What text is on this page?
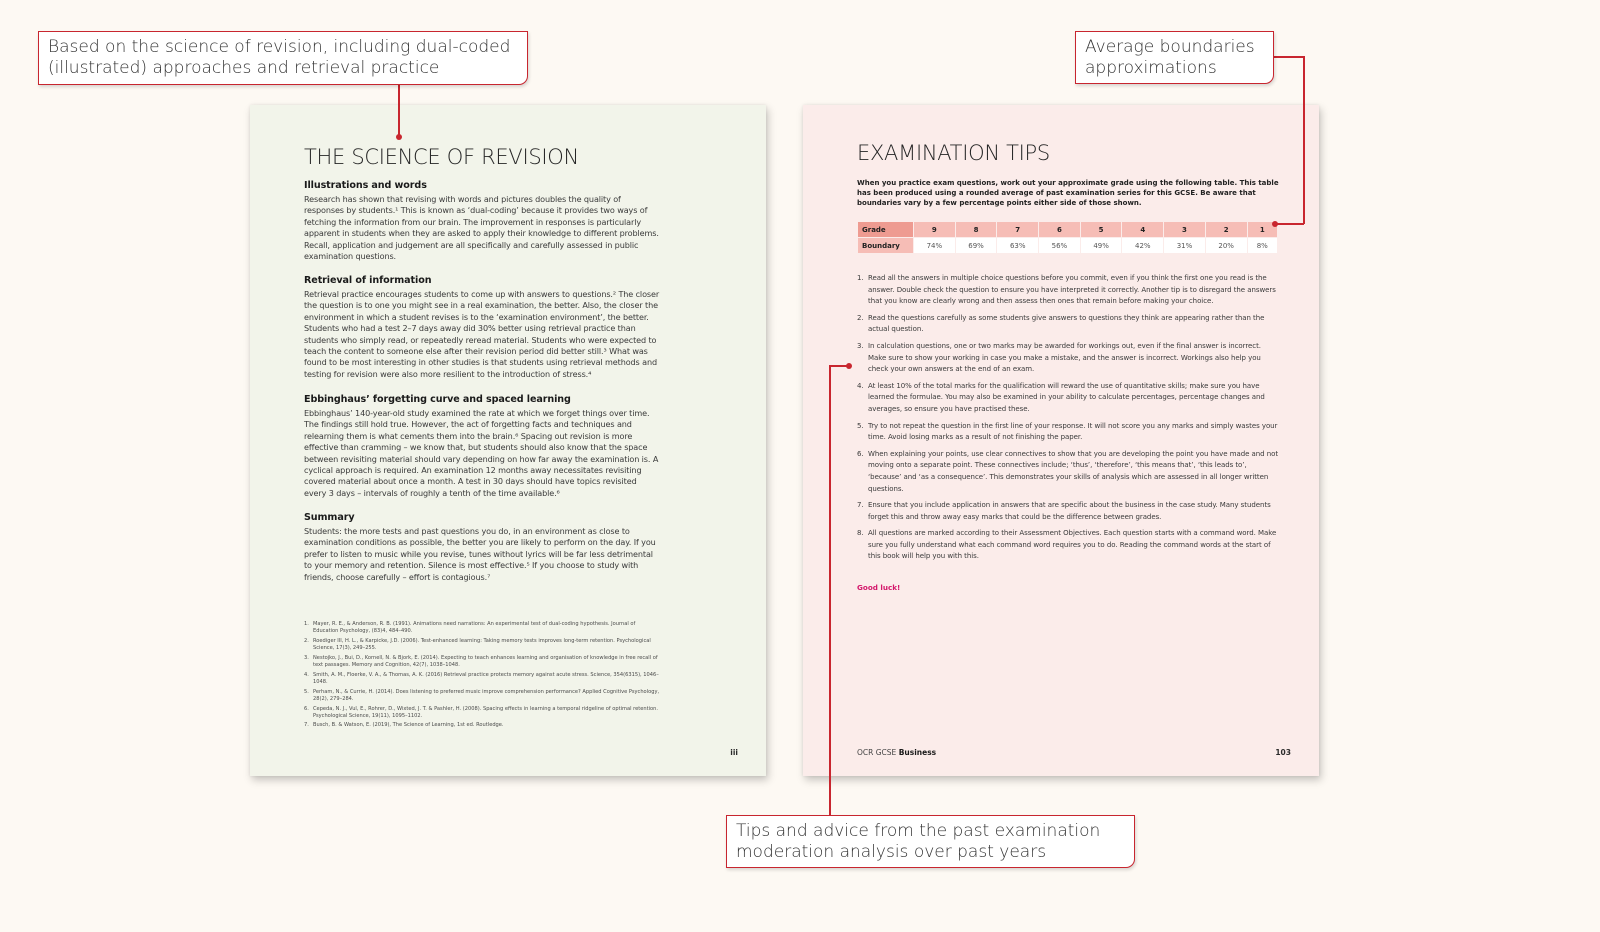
THE SCIENCE OF REVISION
Illustrations and words

Research has shown that revising with words and pictures doubles the quality of responses by students.¹ This is known as ‘dual-coding’ because it provides two ways of fetching the information from our brain. The improvement in responses is particularly apparent in students when they are asked to apply their knowledge to different problems. Recall, application and judgement are all specifically and carefully assessed in public examination questions.

Retrieval of information

Retrieval practice encourages students to come up with answers to questions.² The closer the question is to one you might see in a real examination, the better. Also, the closer the environment in which a student revises is to the ‘examination environment’, the better. Students who had a test 2–7 days away did 30% better using retrieval practice than students who simply read, or repeatedly reread material. Students who were expected to teach the content to someone else after their revision period did better still.³ What was found to be most interesting in other studies is that students using retrieval methods and testing for revision were also more resilient to the introduction of stress.⁴

Ebbinghaus’ forgetting curve and spaced learning

Ebbinghaus’ 140-year-old study examined the rate at which we forget things over time. The findings still hold true. However, the act of forgetting facts and techniques and relearning them is what cements them into the brain.⁶ Spacing out revision is more effective than cramming – we know that, but students should also know that the space between revisiting material should vary depending on how far away the examination is. A cyclical approach is required. An examination 12 months away necessitates revisiting covered material about once a month. A test in 30 days should have topics revisited every 3 days – intervals of roughly a tenth of the time available.⁶

Summary

Students: the more tests and past questions you do, in an environment as close to examination conditions as possible, the better you are likely to perform on the day. If you prefer to listen to music while you revise, tunes without lyrics will be far less detrimental to your memory and retention. Silence is most effective.⁵ If you choose to study with friends, choose carefully – effort is contagious.⁷

1. Mayer, R. E., & Anderson, R. B. (1991). Animations need narrations: An experimental test of dual-coding hypothesis. Journal of Education Psychology, (83)4, 484–490.
2. Roediger III, H. L., & Karpicke, J.D. (2006). Test-enhanced learning: Taking memory tests improves long-term retention. Psychological Science, 17(3), 249–255.
3. Nestojko, J., Bui, D., Kornell, N. & Bjork, E. (2014). Expecting to teach enhances learning and organisation of knowledge in free recall of text passages. Memory and Cognition, 42(7), 1038–1048.
4. Smith, A. M., Floerke, V. A., & Thomas, A. K. (2016) Retrieval practice protects memory against acute stress. Science, 354(6315), 1046–1048.
5. Perham, N., & Currie, H. (2014). Does listening to preferred music improve comprehension performance? Applied Cognitive Psychology, 28(2), 279–284.
6. Cepeda, N. J., Vul, E., Rohrer, D., Wixted, J. T. & Pashler, H. (2008). Spacing effects in learning a temporal ridgeline of optimal retention. Psychological Science, 19(11), 1095–1102.
7. Busch, B. & Watson, E. (2019), The Science of Learning, 1st ed. Routledge.
iii
EXAMINATION TIPS
When you practice exam questions, work out your approximate grade using the following table. This table has been produced using a rounded average of past examination series for this GCSE. Be aware that boundaries vary by a few percentage points either side of those shown.
Grade	9	8	7	6	5	4	3	2	1
Boundary	74%	69%	63%	56%	49%	42%	31%	20%	8%
1. Read all the answers in multiple choice questions before you commit, even if you think the first one you read is the answer. Double check the question to ensure you have interpreted it correctly. Another tip is to disregard the answers that you know are clearly wrong and then assess then ones that remain before making your choice.
2. Read the questions carefully as some students give answers to questions they think are appearing rather than the actual question.
3. In calculation questions, one or two marks may be awarded for workings out, even if the final answer is incorrect. Make sure to show your working in case you make a mistake, and the answer is incorrect. Workings also help you check your own answers at the end of an exam.
4. At least 10% of the total marks for the qualification will reward the use of quantitative skills; make sure you have learned the formulae. You may also be examined in your ability to calculate percentages, percentage changes and averages, so ensure you have practised these.
5. Try to not repeat the question in the first line of your response. It will not score you any marks and simply wastes your time. Avoid losing marks as a result of not finishing the paper.
6. When explaining your points, use clear connectives to show that you are developing the point you have made and not moving onto a separate point. These connectives include; ‘thus’, ‘therefore’, ‘this means that’, ‘this leads to’, ‘because’ and ‘as a consequence’. This demonstrates your skills of analysis which are assessed in all longer written questions.
7. Ensure that you include application in answers that are specific about the business in the case study. Many students forget this and throw away easy marks that could be the difference between grades.
8. All questions are marked according to their Assessment Objectives. Each question starts with a command word. Make sure you fully understand what each command word requires you to do. Reading the command words at the start of this book will help you with this.
Good luck!
OCR GCSE Business	103
Based on the science of revision, including dual-coded (illustrated) approaches and retrieval practice
Average boundaries approximations
Tips and advice from the past examination moderation analysis over past years
